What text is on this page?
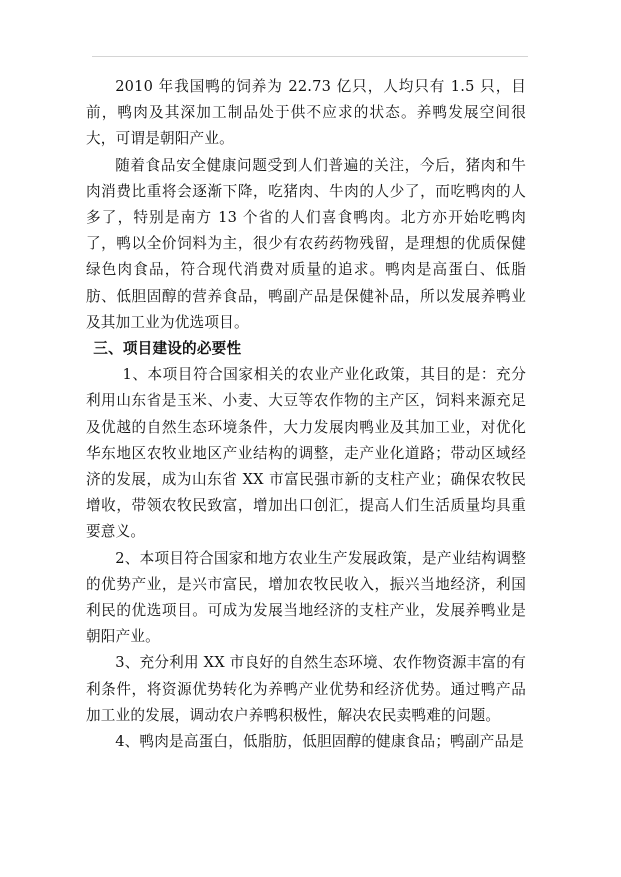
2010 年我国鸭的饲养为 22.73 亿只，人均只有 1.5 只，目前，鸭肉及其深加工制品处于供不应求的状态。养鸭发展空间很大，可谓是朝阳产业。

随着食品安全健康问题受到人们普遍的关注，今后，猪肉和牛肉消费比重将会逐渐下降，吃猪肉、牛肉的人少了，而吃鸭肉的人多了，特别是南方 13 个省的人们喜食鸭肉。北方亦开始吃鸭肉了，鸭以全价饲料为主，很少有农药药物残留，是理想的优质保健绿色肉食品，符合现代消费对质量的追求。鸭肉是高蛋白、低脂肪、低胆固醇的营养食品，鸭副产品是保健补品，所以发展养鸭业及其加工业为优选项目。

三、项目建设的必要性

1、本项目符合国家相关的农业产业化政策，其目的是：充分利用山东省是玉米、小麦、大豆等农作物的主产区，饲料来源充足及优越的自然生态环境条件，大力发展肉鸭业及其加工业，对优化华东地区农牧业地区产业结构的调整，走产业化道路；带动区域经济的发展，成为山东省 XX 市富民强市新的支柱产业；确保农牧民增收，带领农牧民致富，增加出口创汇，提高人们生活质量均具重要意义。

2、本项目符合国家和地方农业生产发展政策，是产业结构调整的优势产业，是兴市富民，增加农牧民收入，振兴当地经济，利国利民的优选项目。可成为发展当地经济的支柱产业，发展养鸭业是朝阳产业。

3、充分利用 XX 市良好的自然生态环境、农作物资源丰富的有利条件，将资源优势转化为养鸭产业优势和经济优势。通过鸭产品加工业的发展，调动农户养鸭积极性，解决农民卖鸭难的问题。

4、鸭肉是高蛋白，低脂肪，低胆固醇的健康食品；鸭副产品是
